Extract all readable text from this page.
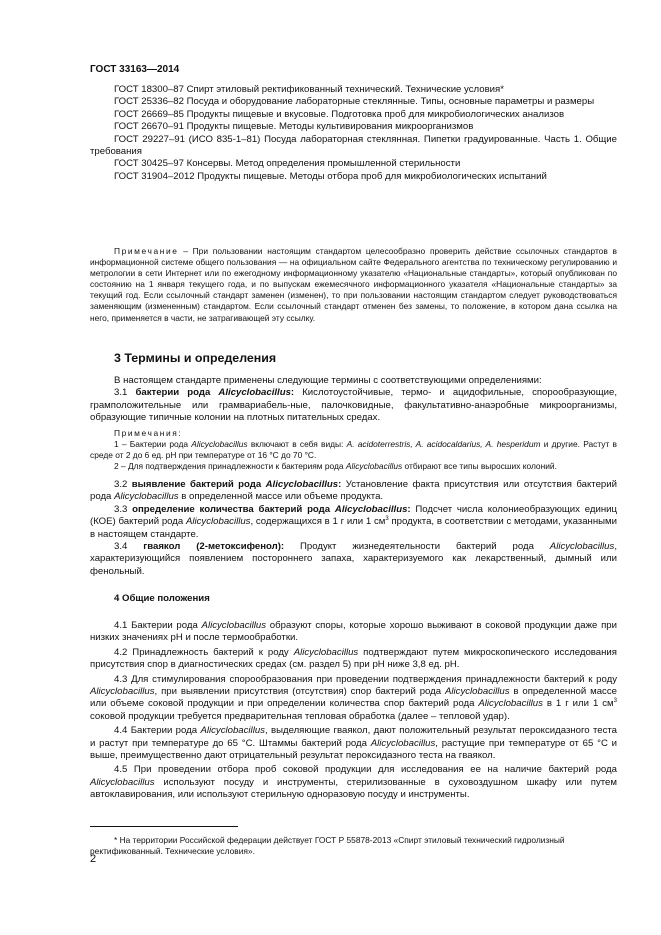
ГОСТ 33163—2014

ГОСТ 18300–87 Спирт этиловый ректификованный технический. Технические условия*

ГОСТ 25336–82 Посуда и оборудование лабораторные стеклянные. Типы, основные параметры и размеры

ГОСТ 26669–85 Продукты пищевые и вкусовые. Подготовка проб для микробиологических анализов

ГОСТ 26670–91 Продукты пищевые. Методы культивирования микроорганизмов

ГОСТ 29227–91 (ИСО 835-1–81) Посуда лабораторная стеклянная. Пипетки градуированные. Часть 1. Общие требования

ГОСТ 30425–97 Консервы. Метод определения промышленной стерильности

ГОСТ 31904–2012 Продукты пищевые. Методы отбора проб для микробиологических испытаний

Примечание – При пользовании настоящим стандартом целесообразно проверить действие ссылочных стандартов в информационной системе общего пользования — на официальном сайте Федерального агентства по техническому регулированию и метрологии в сети Интернет или по ежегодному информационному указателю «Национальные стандарты», который опубликован по состоянию на 1 января текущего года, и по выпускам ежемесячного информационного указателя «Национальные стандарты» за текущий год. Если ссылочный стандарт заменен (изменен), то при пользовании настоящим стандартом следует руководствоваться заменяющим (измененным) стандартом. Если ссылочный стандарт отменен без замены, то положение, в котором дана ссылка на него, применяется в части, не затрагивающей эту ссылку.

3 Термины и определения

В настоящем стандарте применены следующие термины с соответствующими определениями:

3.1 бактерии рода Alicyclobacillus: Кислотоустойчивые, термо- и ацидофильные, спорообразующие, грамположительные или грамвариабель-ные, палочковидные, факультативно-анаэробные микроорганизмы, образующие типичные колонии на плотных питательных средах.

Примечания:

1 – Бактерии рода Alicyclobacillus включают в себя виды: A. acidoterrestris, A. acidocaldarius, A. hesperidum и другие. Растут в среде от 2 до 6 ед. pH при температуре от 16 °С до 70 °С.

2 – Для подтверждения принадлежности к бактериям рода Alicyclobacillus отбирают все типы выросших колоний.

3.2 выявление бактерий рода Alicyclobacillus: Установление факта присутствия или отсутствия бактерий рода Alicyclobacillus в определенной массе или объеме продукта.

3.3 определение количества бактерий рода Alicyclobacillus: Подсчет числа колониеобразующих единиц (КОЕ) бактерий рода Alicyclobacillus, содержащихся в 1 г или 1 $см^3$ продукта, в соответствии с методами, указанными в настоящем стандарте.

3.4 гваякол (2-метоксифенол): Продукт жизнедеятельности бактерий рода Alicyclobacillus, характеризующийся появлением постороннего запаха, характеризуемого как лекарственный, дымный или фенольный.

4 Общие положения

4.1 Бактерии рода Alicyclobacillus образуют споры, которые хорошо выживают в соковой продукции даже при низких значениях pH и после термообработки.

4.2 Принадлежность бактерий к роду Alicyclobacillus подтверждают путем микроскопического исследования присутствия спор в диагностических средах (см. раздел 5) при pH ниже 3,8 ед. pH.

4.3 Для стимулирования спорообразования при проведении подтверждения принадлежности бактерий к роду Alicyclobacillus, при выявлении присутствия (отсутствия) спор бактерий рода Alicyclobacillus в определенной массе или объеме соковой продукции и при определении количества спор бактерий рода Alicyclobacillus в 1 г или 1 $см^3$ соковой продукции требуется предварительная тепловая обработка (далее – тепловой удар).

4.4 Бактерии рода Alicyclobacillus, выделяющие гваякол, дают положительный результат пероксидазного теста и растут при температуре до 65 °С. Штаммы бактерий рода Alicyclobacillus, растущие при температуре от 65 °С и выше, преимущественно дают отрицательный результат пероксидазного теста на гваякол.

4.5 При проведении отбора проб соковой продукции для исследования ее на наличие бактерий рода Alicyclobacillus используют посуду и инструменты, стерилизованные в суховоздушном шкафу или путем автоклавирования, или используют стерильную одноразовую посуду и инструменты.

* На территории Российской федерации действует ГОСТ Р 55878-2013 «Спирт этиловый технический гидролизный ректификованный. Технические условия».

2
